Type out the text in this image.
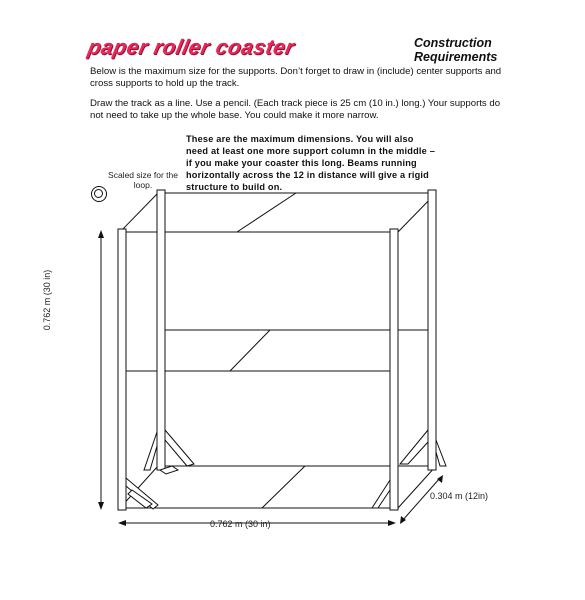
paper roller coaster	Construction Requirements
Below is the maximum size for the supports. Don’t forget to draw in (include) center supports and cross supports to hold up the track.
Draw the track as a line. Use a pencil. (Each track piece is 25 cm (10 in.) long.) Your supports do not need to take up the whole base. You could make it more narrow.
These are the maximum dimensions. You will also need at least one more support column in the middle –if you make your coaster this long. Beams running horizontally across the 12 in distance will give a rigid structure to build on.
Scaled size for the loop.
0.762 m (30 in)
0.762 m (30 in)
0.304 m (12in)
